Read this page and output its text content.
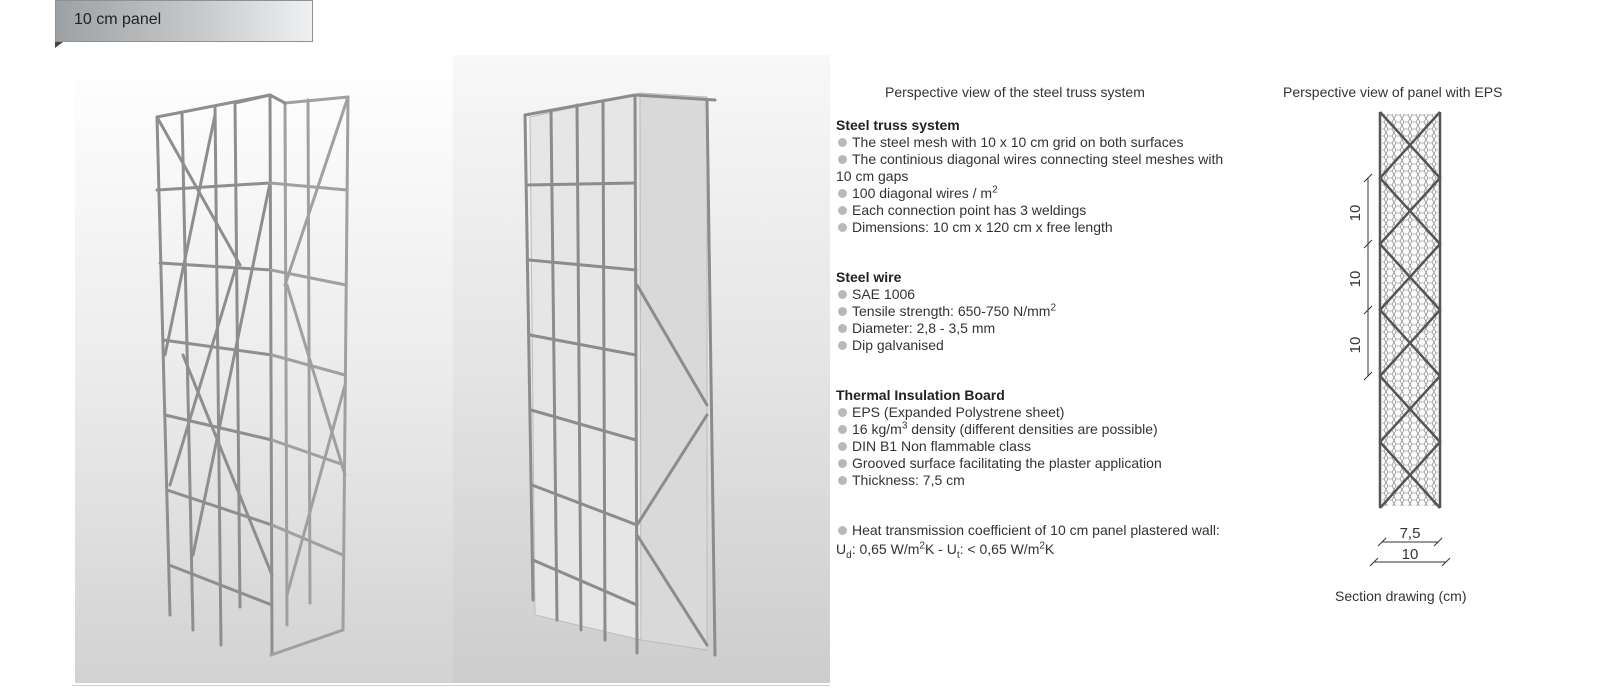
10 cm panel
Perspective view of the steel truss system	Perspective view of panel with EPS
Section drawing (cm)
Steel truss system
The steel mesh with 10 x 10 cm grid on both surfaces
The continious diagonal wires connecting steel meshes with 10 cm gaps
100 diagonal wires / $m^2$
Each connection point has 3 weldings
Dimensions: 10 cm x 120 cm x free length
Steel wire
SAE 1006
Tensile strength: 650-750 $N/mm^2$
Diameter: 2,8 - 3,5 mm
Dip galvanised
Thermal Insulation Board
EPS (Expanded Polystrene sheet)
16 $kg/m^3$ density (different densities are possible)
DIN B1 Non flammable class
Grooved surface facilitating the plaster application
Thickness: 7,5 cm
Heat transmission coefficient of 10 cm panel plastered wall:
$U_d$: 0,65 $W/m^2K - U_t$: < 0,65 $W/m^2K$
10
10
10
7,5
10
